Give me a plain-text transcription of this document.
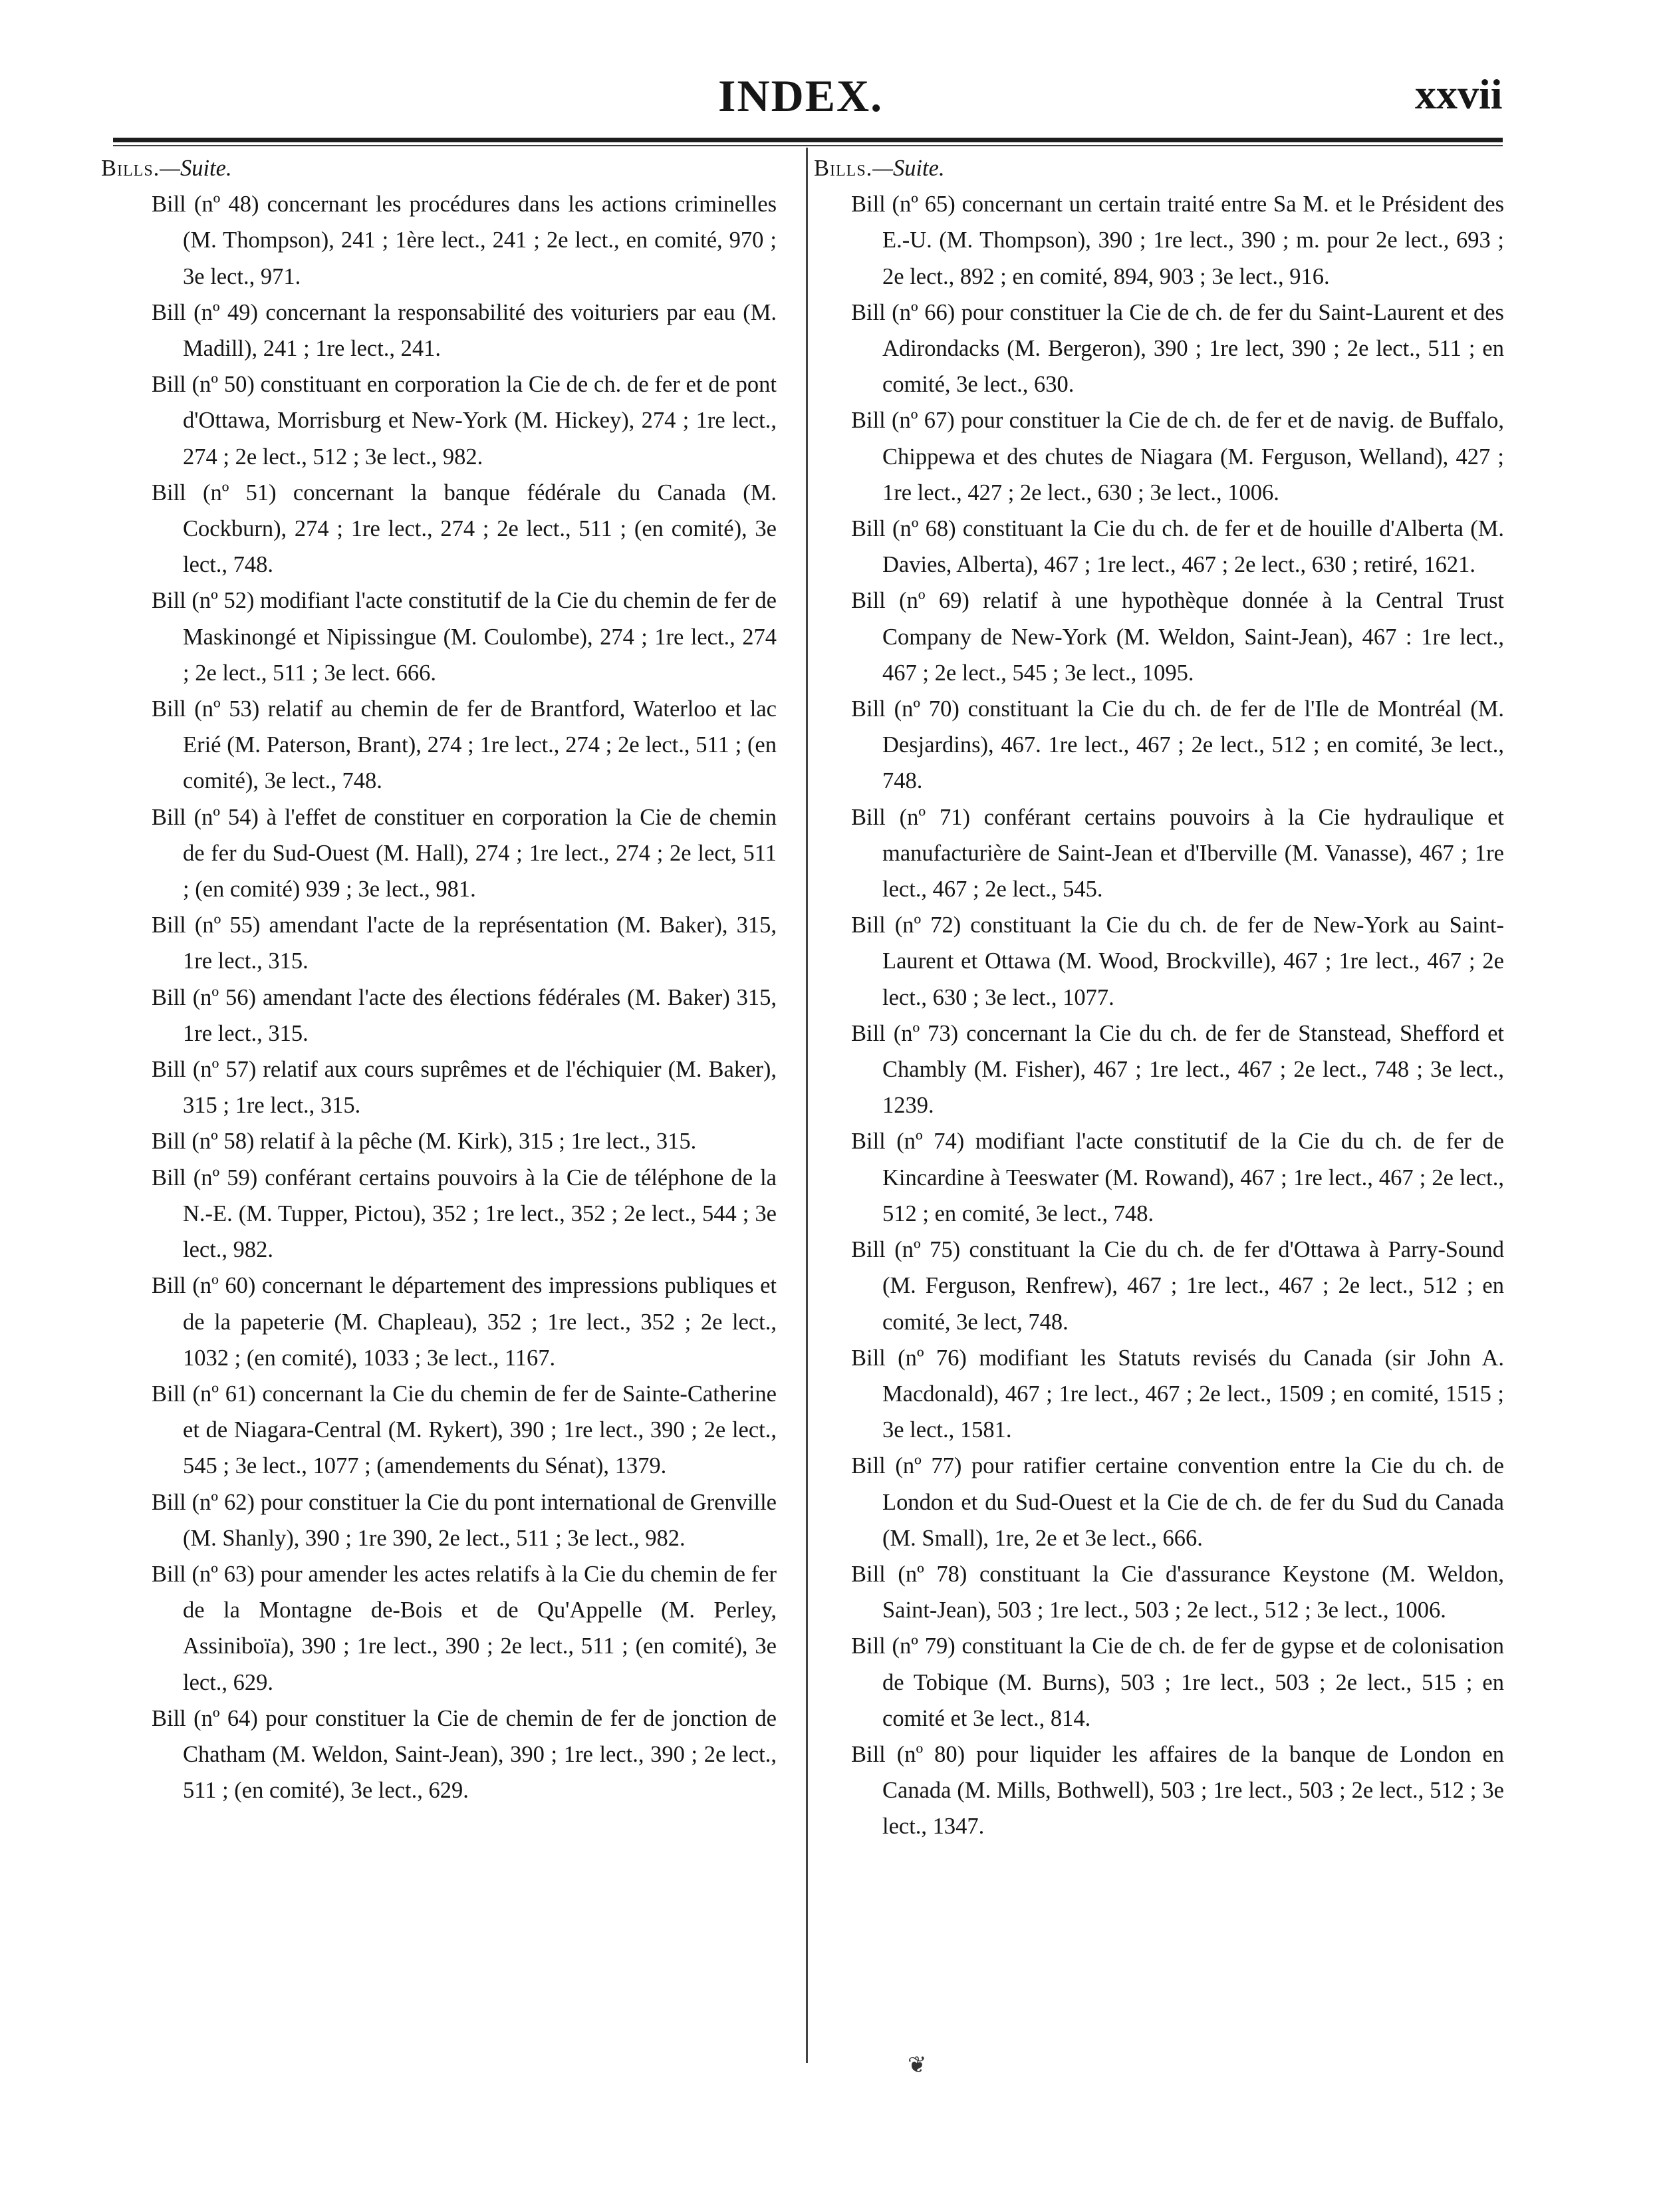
INDEX.	xxvii

Bills.—Suite.

Bill (nº 48) concernant les procédures dans les actions criminelles (M. Thompson), 241 ; 1ère lect., 241 ; 2e lect., en comité, 970 ; 3e lect., 971.

Bill (nº 49) concernant la responsabilité des voituriers par eau (M. Madill), 241 ; 1re lect., 241.

Bill (nº 50) constituant en corporation la Cie de ch. de fer et de pont d'Ottawa, Morrisburg et New-York (M. Hickey), 274 ; 1re lect., 274 ; 2e lect., 512 ; 3e lect., 982.

Bill (nº 51) concernant la banque fédérale du Canada (M. Cockburn), 274 ; 1re lect., 274 ; 2e lect., 511 ; (en comité), 3e lect., 748.

Bill (nº 52) modifiant l'acte constitutif de la Cie du chemin de fer de Maskinongé et Nipissingue (M. Coulombe), 274 ; 1re lect., 274 ; 2e lect., 511 ; 3e lect. 666.

Bill (nº 53) relatif au chemin de fer de Brantford, Waterloo et lac Erié (M. Paterson, Brant), 274 ; 1re lect., 274 ; 2e lect., 511 ; (en comité), 3e lect., 748.

Bill (nº 54) à l'effet de constituer en corporation la Cie de chemin de fer du Sud-Ouest (M. Hall), 274 ; 1re lect., 274 ; 2e lect, 511 ; (en comité) 939 ; 3e lect., 981.

Bill (nº 55) amendant l'acte de la représentation (M. Baker), 315, 1re lect., 315.

Bill (nº 56) amendant l'acte des élections fédérales (M. Baker) 315, 1re lect., 315.

Bill (nº 57) relatif aux cours suprêmes et de l'échiquier (M. Baker), 315 ; 1re lect., 315.

Bill (nº 58) relatif à la pêche (M. Kirk), 315 ; 1re lect., 315.

Bill (nº 59) conférant certains pouvoirs à la Cie de téléphone de la N.-E. (M. Tupper, Pictou), 352 ; 1re lect., 352 ; 2e lect., 544 ; 3e lect., 982.

Bill (nº 60) concernant le département des impressions publiques et de la papeterie (M. Chapleau), 352 ; 1re lect., 352 ; 2e lect., 1032 ; (en comité), 1033 ; 3e lect., 1167.

Bill (nº 61) concernant la Cie du chemin de fer de Sainte-Catherine et de Niagara-Central (M. Rykert), 390 ; 1re lect., 390 ; 2e lect., 545 ; 3e lect., 1077 ; (amendements du Sénat), 1379.

Bill (nº 62) pour constituer la Cie du pont international de Grenville (M. Shanly), 390 ; 1re 390, 2e lect., 511 ; 3e lect., 982.

Bill (nº 63) pour amender les actes relatifs à la Cie du chemin de fer de la Montagne de-Bois et de Qu'Appelle (M. Perley, Assiniboïa), 390 ; 1re lect., 390 ; 2e lect., 511 ; (en comité), 3e lect., 629.

Bill (nº 64) pour constituer la Cie de chemin de fer de jonction de Chatham (M. Weldon, Saint-Jean), 390 ; 1re lect., 390 ; 2e lect., 511 ; (en comité), 3e lect., 629.

Bills.—Suite.

Bill (nº 65) concernant un certain traité entre Sa M. et le Président des E.-U. (M. Thompson), 390 ; 1re lect., 390 ; m. pour 2e lect., 693 ; 2e lect., 892 ; en comité, 894, 903 ; 3e lect., 916.

Bill (nº 66) pour constituer la Cie de ch. de fer du Saint-Laurent et des Adirondacks (M. Bergeron), 390 ; 1re lect, 390 ; 2e lect., 511 ; en comité, 3e lect., 630.

Bill (nº 67) pour constituer la Cie de ch. de fer et de navig. de Buffalo, Chippewa et des chutes de Niagara (M. Ferguson, Welland), 427 ; 1re lect., 427 ; 2e lect., 630 ; 3e lect., 1006.

Bill (nº 68) constituant la Cie du ch. de fer et de houille d'Alberta (M. Davies, Alberta), 467 ; 1re lect., 467 ; 2e lect., 630 ; retiré, 1621.

Bill (nº 69) relatif à une hypothèque donnée à la Central Trust Company de New-York (M. Weldon, Saint-Jean), 467 : 1re lect., 467 ; 2e lect., 545 ; 3e lect., 1095.

Bill (nº 70) constituant la Cie du ch. de fer de l'Ile de Montréal (M. Desjardins), 467. 1re lect., 467 ; 2e lect., 512 ; en comité, 3e lect., 748.

Bill (nº 71) conférant certains pouvoirs à la Cie hydraulique et manufacturière de Saint-Jean et d'Iberville (M. Vanasse), 467 ; 1re lect., 467 ; 2e lect., 545.

Bill (nº 72) constituant la Cie du ch. de fer de New-York au Saint-Laurent et Ottawa (M. Wood, Brockville), 467 ; 1re lect., 467 ; 2e lect., 630 ; 3e lect., 1077.

Bill (nº 73) concernant la Cie du ch. de fer de Stanstead, Shefford et Chambly (M. Fisher), 467 ; 1re lect., 467 ; 2e lect., 748 ; 3e lect., 1239.

Bill (nº 74) modifiant l'acte constitutif de la Cie du ch. de fer de Kincardine à Teeswater (M. Rowand), 467 ; 1re lect., 467 ; 2e lect., 512 ; en comité, 3e lect., 748.

Bill (nº 75) constituant la Cie du ch. de fer d'Ottawa à Parry-Sound (M. Ferguson, Renfrew), 467 ; 1re lect., 467 ; 2e lect., 512 ; en comité, 3e lect, 748.

Bill (nº 76) modifiant les Statuts revisés du Canada (sir John A. Macdonald), 467 ; 1re lect., 467 ; 2e lect., 1509 ; en comité, 1515 ; 3e lect., 1581.

Bill (nº 77) pour ratifier certaine convention entre la Cie du ch. de London et du Sud-Ouest et la Cie de ch. de fer du Sud du Canada (M. Small), 1re, 2e et 3e lect., 666.

Bill (nº 78) constituant la Cie d'assurance Keystone (M. Weldon, Saint-Jean), 503 ; 1re lect., 503 ; 2e lect., 512 ; 3e lect., 1006.

Bill (nº 79) constituant la Cie de ch. de fer de gypse et de colonisation de Tobique (M. Burns), 503 ; 1re lect., 503 ; 2e lect., 515 ; en comité et 3e lect., 814.

Bill (nº 80) pour liquider les affaires de la banque de London en Canada (M. Mills, Bothwell), 503 ; 1re lect., 503 ; 2e lect., 512 ; 3e lect., 1347.

❦
